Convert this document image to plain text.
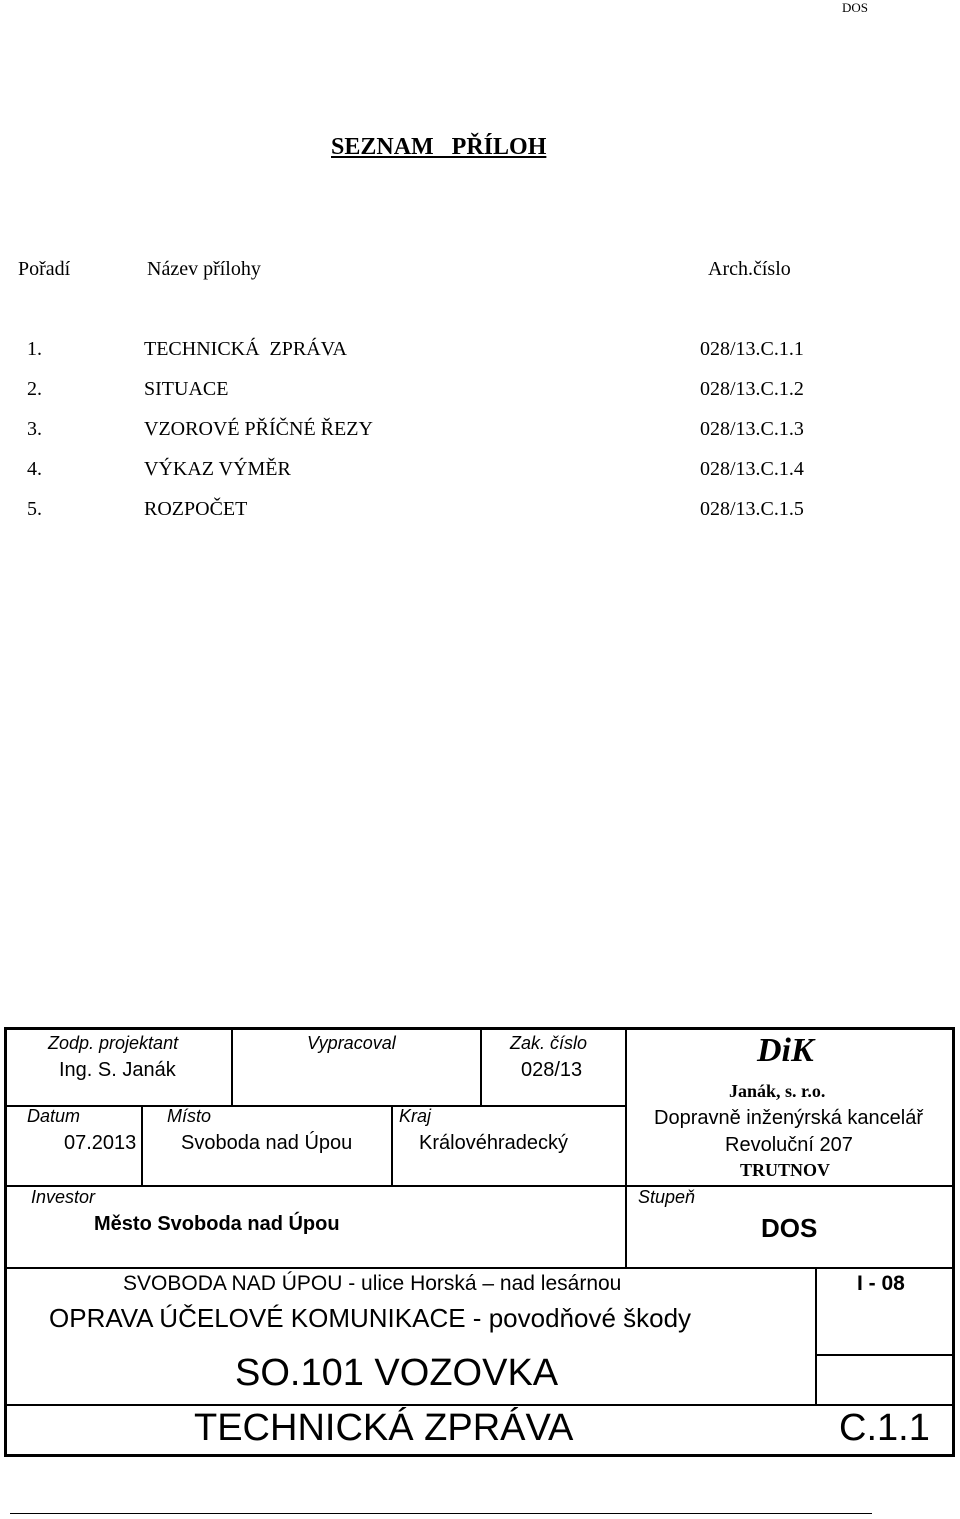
DOS
SEZNAM   PŘÍLOH
Pořadí	Název přílohy	Arch.číslo
1.	TECHNICKÁ  ZPRÁVA	028/13.C.1.1
2.	SITUACE	028/13.C.1.2
3.	VZOROVÉ PŘÍČNÉ ŘEZY	028/13.C.1.3
4.	VÝKAZ VÝMĚR	028/13.C.1.4
5.	ROZPOČET	028/13.C.1.5
Zodp. projektant
Ing. S. Janák
Vypracoval	Zak. číslo
028/13
DiK
Janák, s. r.o.
Dopravně inženýrská kancelář
Revoluční 207
TRUTNOV
Datum
07.2013
Místo
Svoboda nad Úpou
Kraj
Královéhradecký
Investor
Město Svoboda nad Úpou
Stupeň
DOS
SVOBODA NAD ÚPOU - ulice Horská – nad lesárnou
OPRAVA ÚČELOVÉ KOMUNIKACE - povodňové škody
I - 08
SO.101 VOZOVKA
TECHNICKÁ ZPRÁVA	C.1.1
